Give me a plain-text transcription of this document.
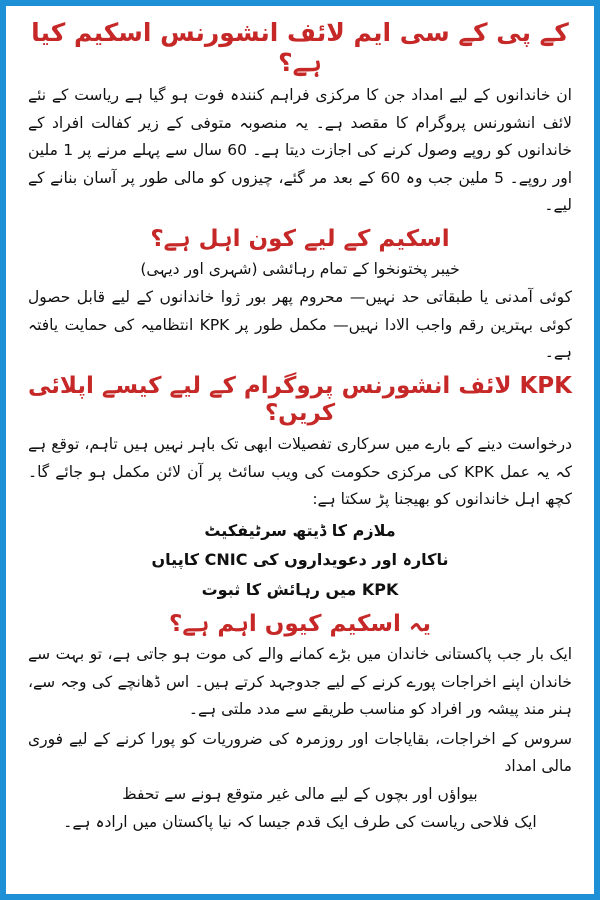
کے پی کے سی ایم لائف انشورنس اسکیم کیا ہے؟

ان خاندانوں کے لیے امداد جن کا مرکزی فراہم کنندہ فوت ہو گیا ہے ریاست کے نئے لائف انشورنس پروگرام کا مقصد ہے۔ یہ منصوبہ متوفی کے زیر کفالت افراد کے خاندانوں کو روپے وصول کرنے کی اجازت دیتا ہے۔ 60 سال سے پہلے مرنے پر 1 ملین اور روپے۔ 5 ملین جب وہ 60 کے بعد مر گئے، چیزوں کو مالی طور پر آسان بنانے کے لیے۔

اسکیم کے لیے کون اہل ہے؟

خیبر پختونخوا کے تمام رہائشی (شہری اور دیہی)

کوئی آمدنی یا طبقاتی حد نہیں— محروم پھر بور ژوا خاندانوں کے لیے قابل حصول کوئی بہترین رقم واجب الادا نہیں— مکمل طور پر KPK انتظامیہ کی حمایت یافتہ ہے۔

KPK لائف انشورنس پروگرام کے لیے کیسے اپلائی کریں؟

درخواست دینے کے بارے میں سرکاری تفصیلات ابھی تک باہر نہیں ہیں تاہم، توقع ہے کہ یہ عمل KPK کی مرکزی حکومت کی ویب سائٹ پر آن لائن مکمل ہو جائے گا۔ کچھ اہل خاندانوں کو بھیجنا پڑ سکتا ہے:

ملازم کا ڈیتھ سرٹیفکیٹ
ناکارہ اور دعویداروں کی CNIC کاپیاں
KPK میں رہائش کا ثبوت
یہ اسکیم کیوں اہم ہے؟

ایک بار جب پاکستانی خاندان میں بڑے کمانے والے کی موت ہو جاتی ہے، تو بہت سے خاندان اپنے اخراجات پورے کرنے کے لیے جدوجہد کرتے ہیں۔ اس ڈھانچے کی وجہ سے، ہنر مند پیشہ ور افراد کو مناسب طریقے سے مدد ملتی ہے۔

سروس کے اخراجات، بقایاجات اور روزمرہ کی ضروریات کو پورا کرنے کے لیے فوری مالی امداد

بیواؤں اور بچوں کے لیے مالی غیر متوقع ہونے سے تحفظ

ایک فلاحی ریاست کی طرف ایک قدم جیسا کہ نیا پاکستان میں ارادہ ہے۔
